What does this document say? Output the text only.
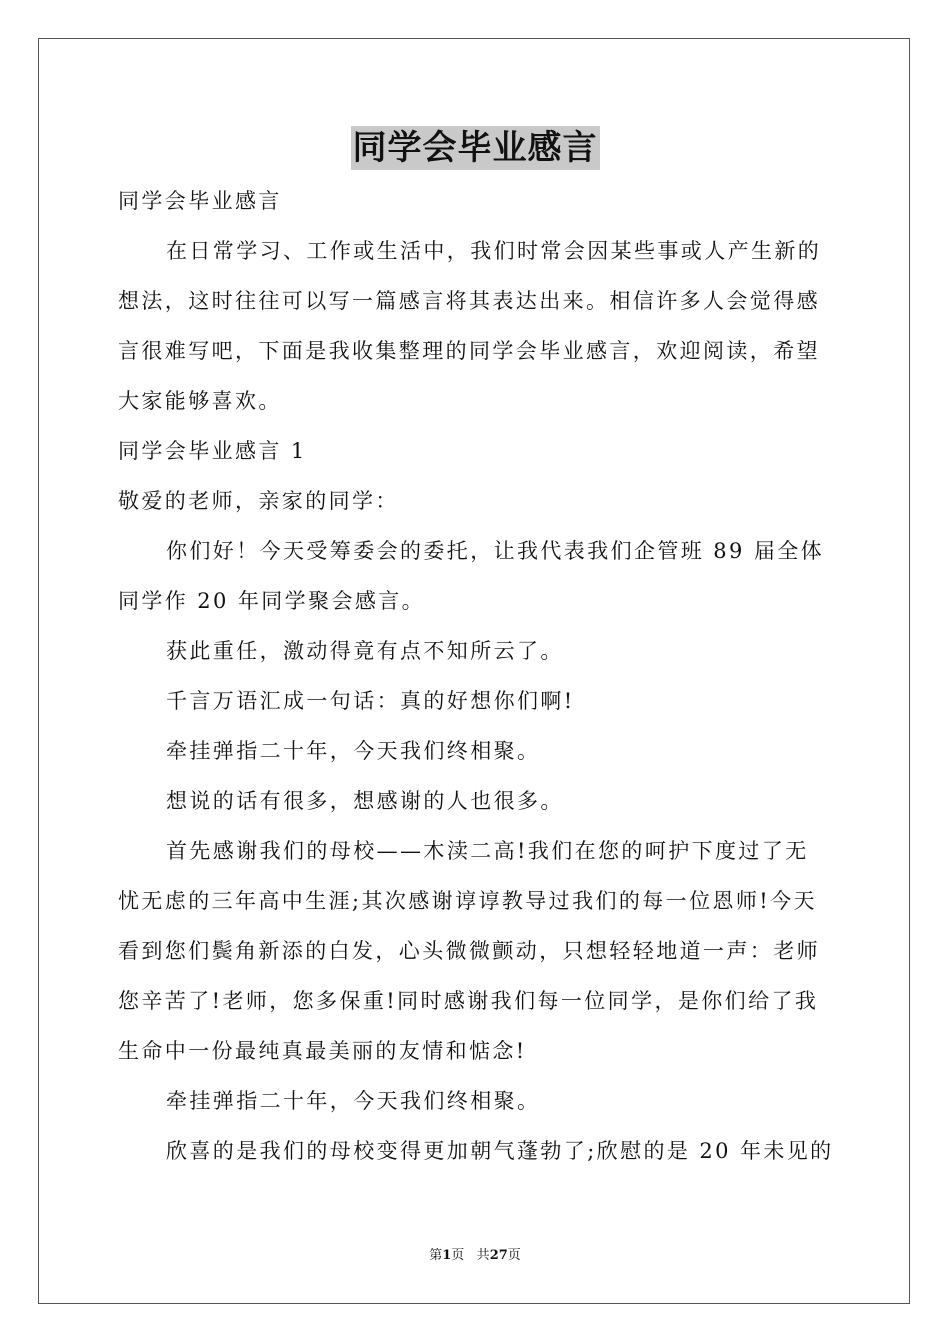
同学会毕业感言
同学会毕业感言
在日常学习、工作或生活中，我们时常会因某些事或人产生新的
想法，这时往往可以写一篇感言将其表达出来。相信许多人会觉得感
言很难写吧，下面是我收集整理的同学会毕业感言，欢迎阅读，希望
大家能够喜欢。
同学会毕业感言 1
敬爱的老师，亲家的同学：
你们好！今天受筹委会的委托，让我代表我们企管班 89 届全体
同学作 20 年同学聚会感言。
获此重任，激动得竟有点不知所云了。
千言万语汇成一句话：真的好想你们啊!
牵挂弹指二十年，今天我们终相聚。
想说的话有很多，想感谢的人也很多。
首先感谢我们的母校——木渎二高!我们在您的呵护下度过了无
忧无虑的三年高中生涯;其次感谢谆谆教导过我们的每一位恩师!今天
看到您们鬓角新添的白发，心头微微颤动，只想轻轻地道一声：老师
您辛苦了!老师，您多保重!同时感谢我们每一位同学，是你们给了我
生命中一份最纯真最美丽的友情和惦念!
牵挂弹指二十年，今天我们终相聚。
欣喜的是我们的母校变得更加朝气蓬勃了;欣慰的是 20 年未见的
第1页 共27页
